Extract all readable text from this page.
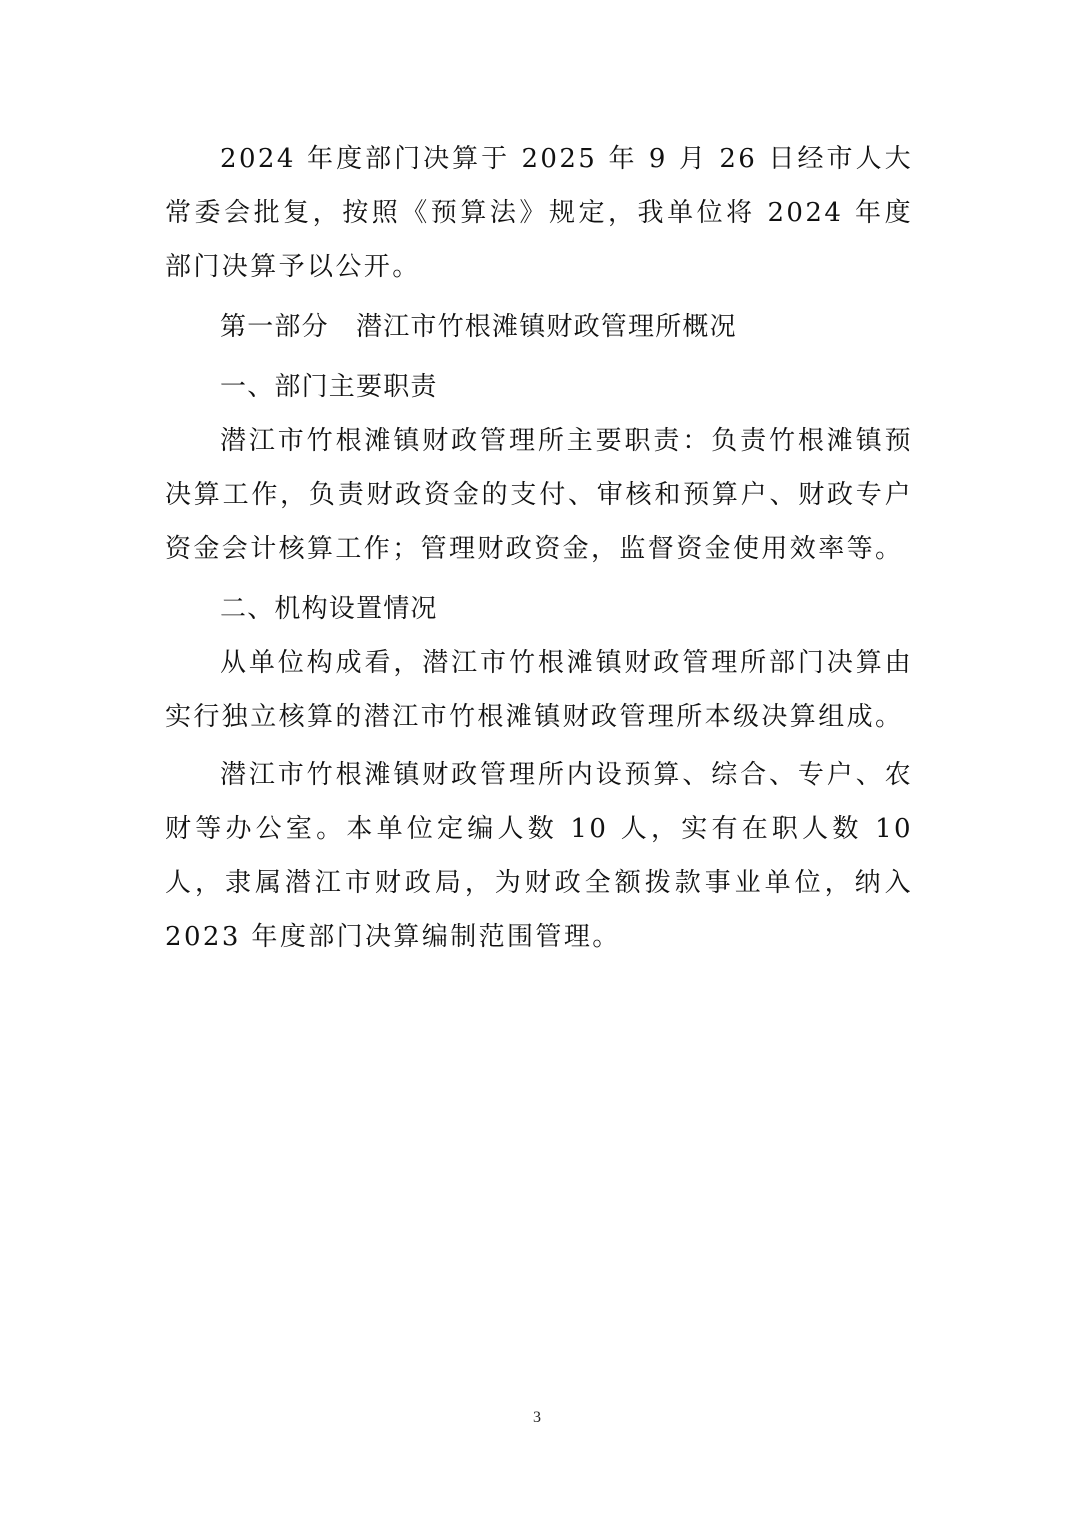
2024 年度部门决算于 2025 年 9 月 26 日经市人大常委会批复，按照《预算法》规定，我单位将 2024 年度部门决算予以公开。

第一部分　潜江市竹根滩镇财政管理所概况
一、部门主要职责

潜江市竹根滩镇财政管理所主要职责：负责竹根滩镇预决算工作，负责财政资金的支付、审核和预算户、财政专户资金会计核算工作；管理财政资金，监督资金使用效率等。

二、机构设置情况

从单位构成看，潜江市竹根滩镇财政管理所部门决算由实行独立核算的潜江市竹根滩镇财政管理所本级决算组成。

潜江市竹根滩镇财政管理所内设预算、综合、专户、农财等办公室。本单位定编人数 10 人，实有在职人数 10 人，隶属潜江市财政局，为财政全额拨款事业单位，纳入 2023 年度部门决算编制范围管理。

3
